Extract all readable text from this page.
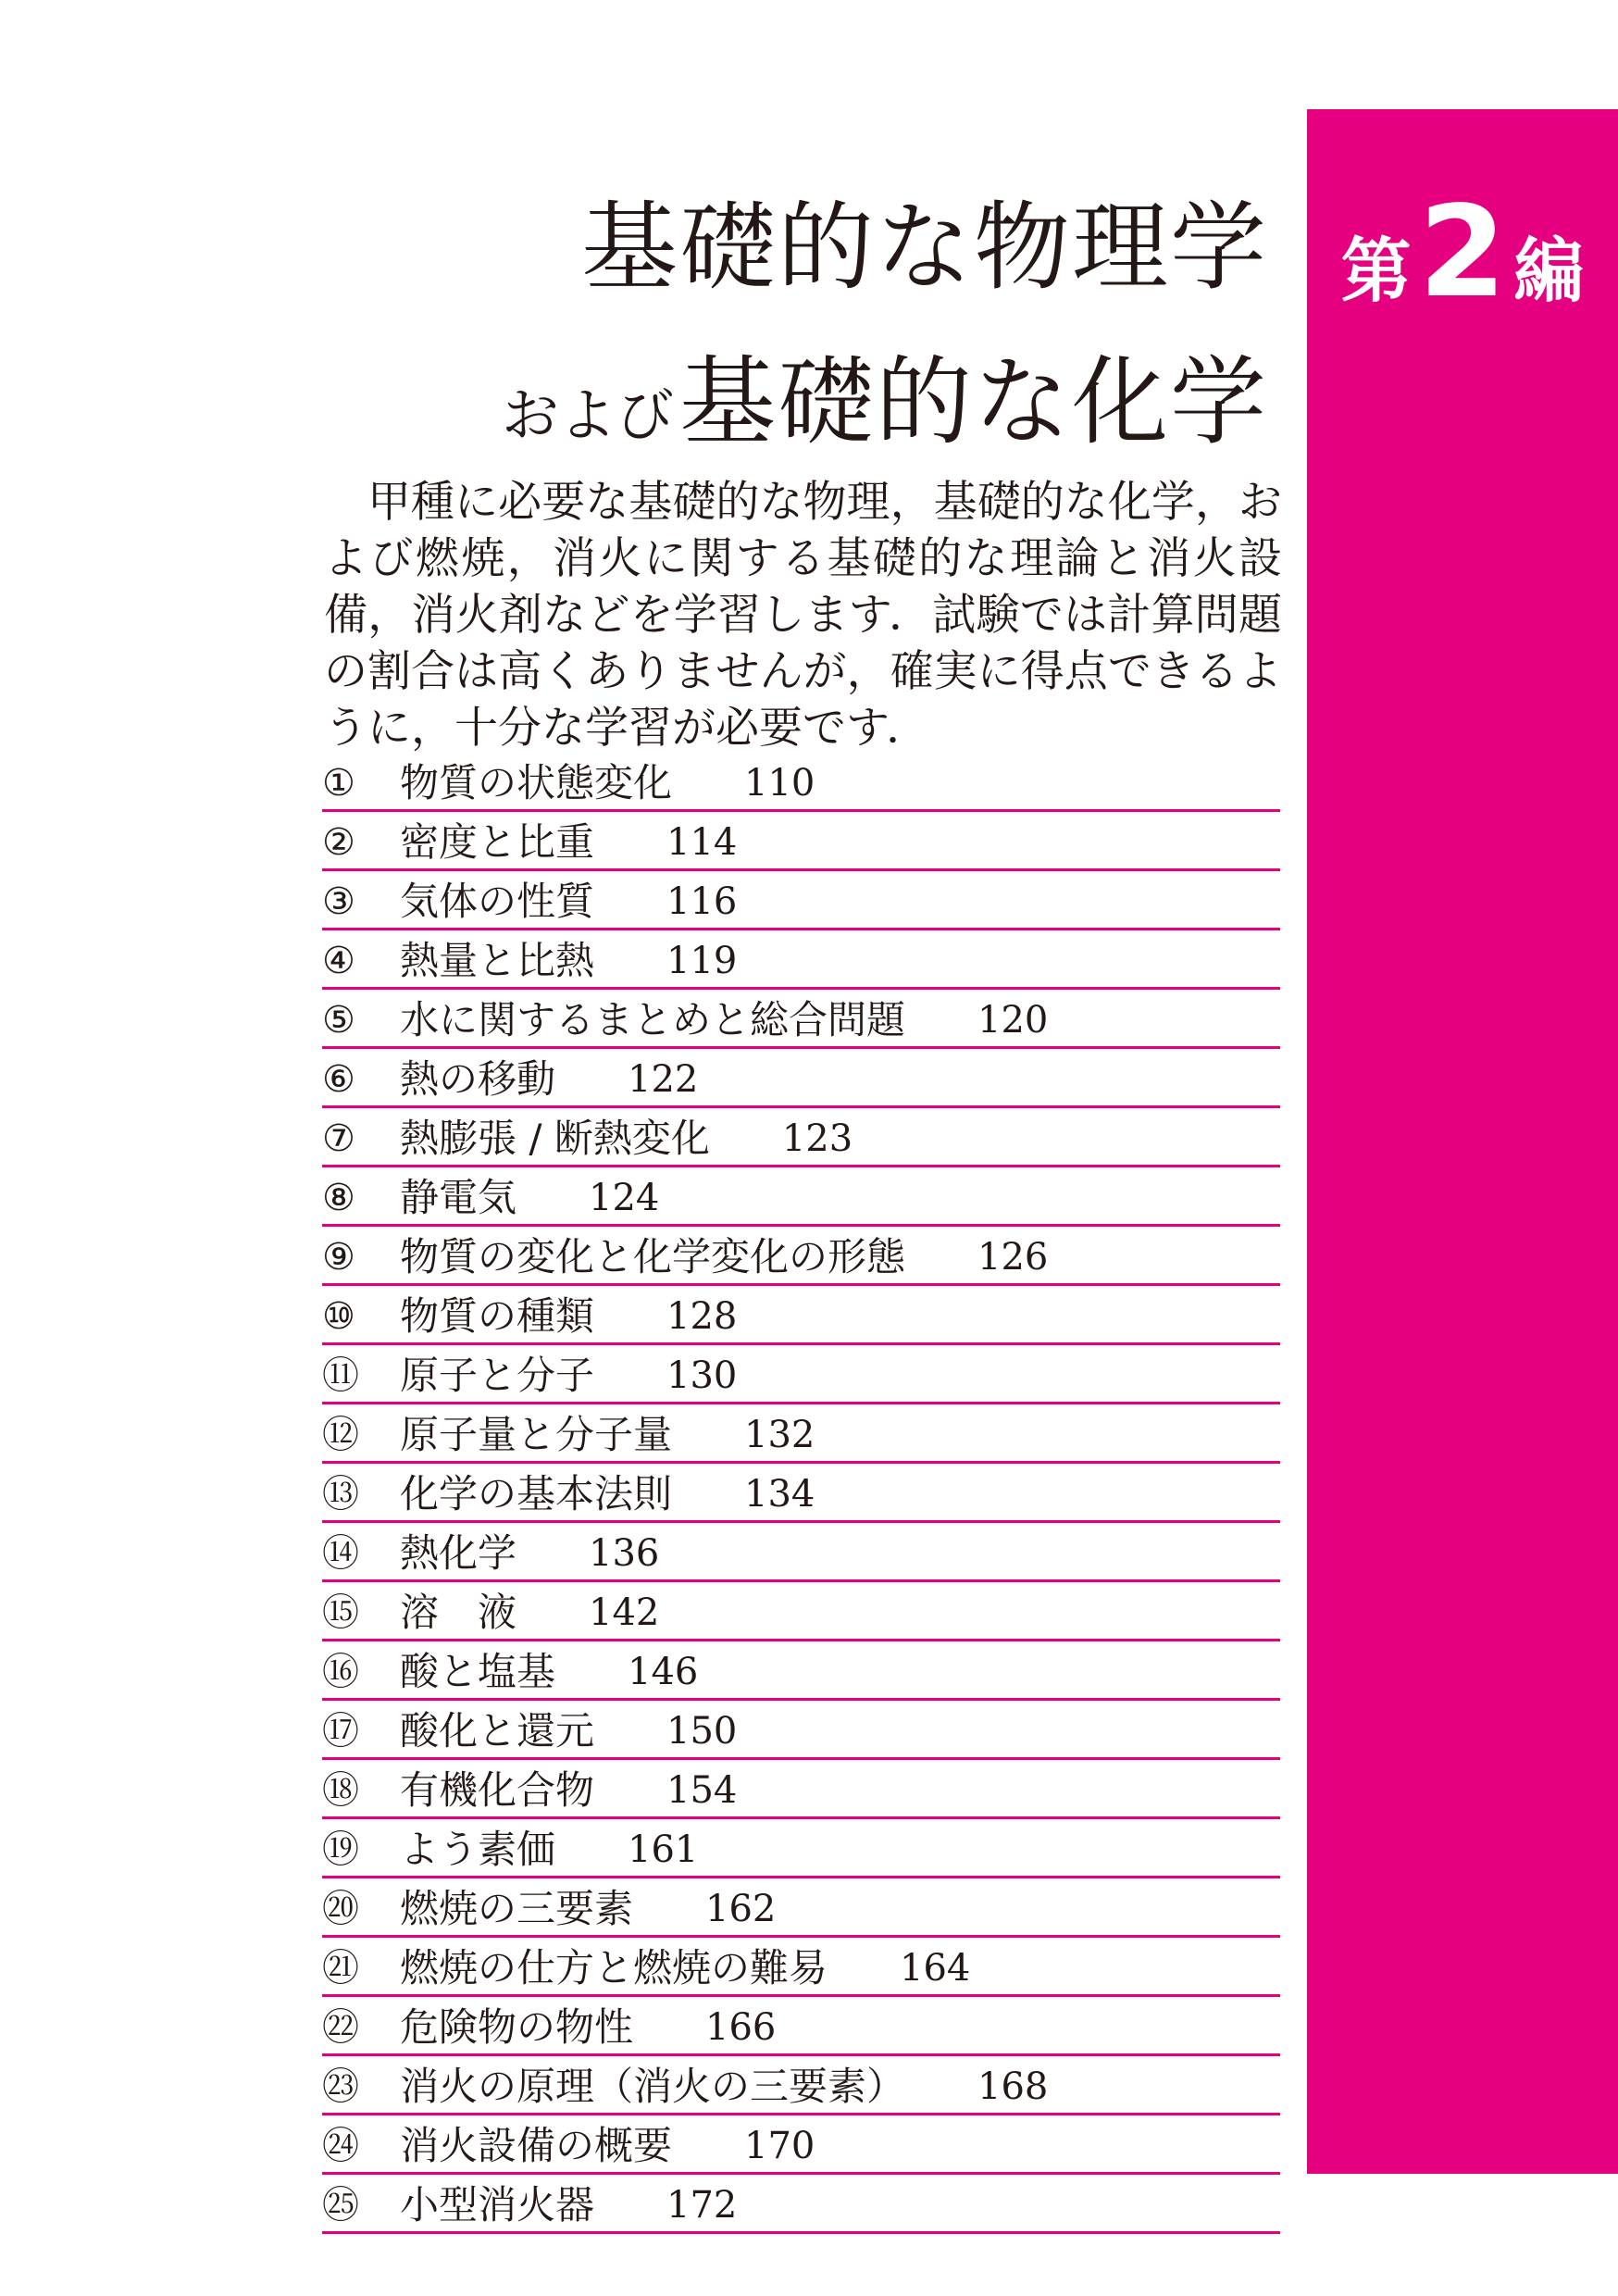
第 2 編
基礎的な物理学
および 基礎的な化学

甲種に必要な基礎的な物理，基礎的な化学，および燃焼，消火に関する基礎的な理論と消火設備，消火剤などを学習します．試験では計算問題の割合は高くありませんが，確実に得点できるように，十分な学習が必要です．

①	物質の状態変化 110
②	密度と比重 114
③	気体の性質 116
④	熱量と比熱 119
⑤	水に関するまとめと総合問題 120
⑥	熱の移動 122
⑦	熱膨張 / 断熱変化 123
⑧	静電気 124
⑨	物質の変化と化学変化の形態 126
⑩	物質の種類 128
⑪	原子と分子 130
⑫	原子量と分子量 132
⑬	化学の基本法則 134
⑭	熱化学 136
⑮	溶　液 142
⑯	酸と塩基 146
⑰	酸化と還元 150
⑱	有機化合物 154
⑲	よう素価 161
⑳	燃焼の三要素 162
㉑	燃焼の仕方と燃焼の難易 164
㉒	危険物の物性 166
㉓	消火の原理（消火の三要素） 168
㉔	消火設備の概要 170
㉕	小型消火器 172
